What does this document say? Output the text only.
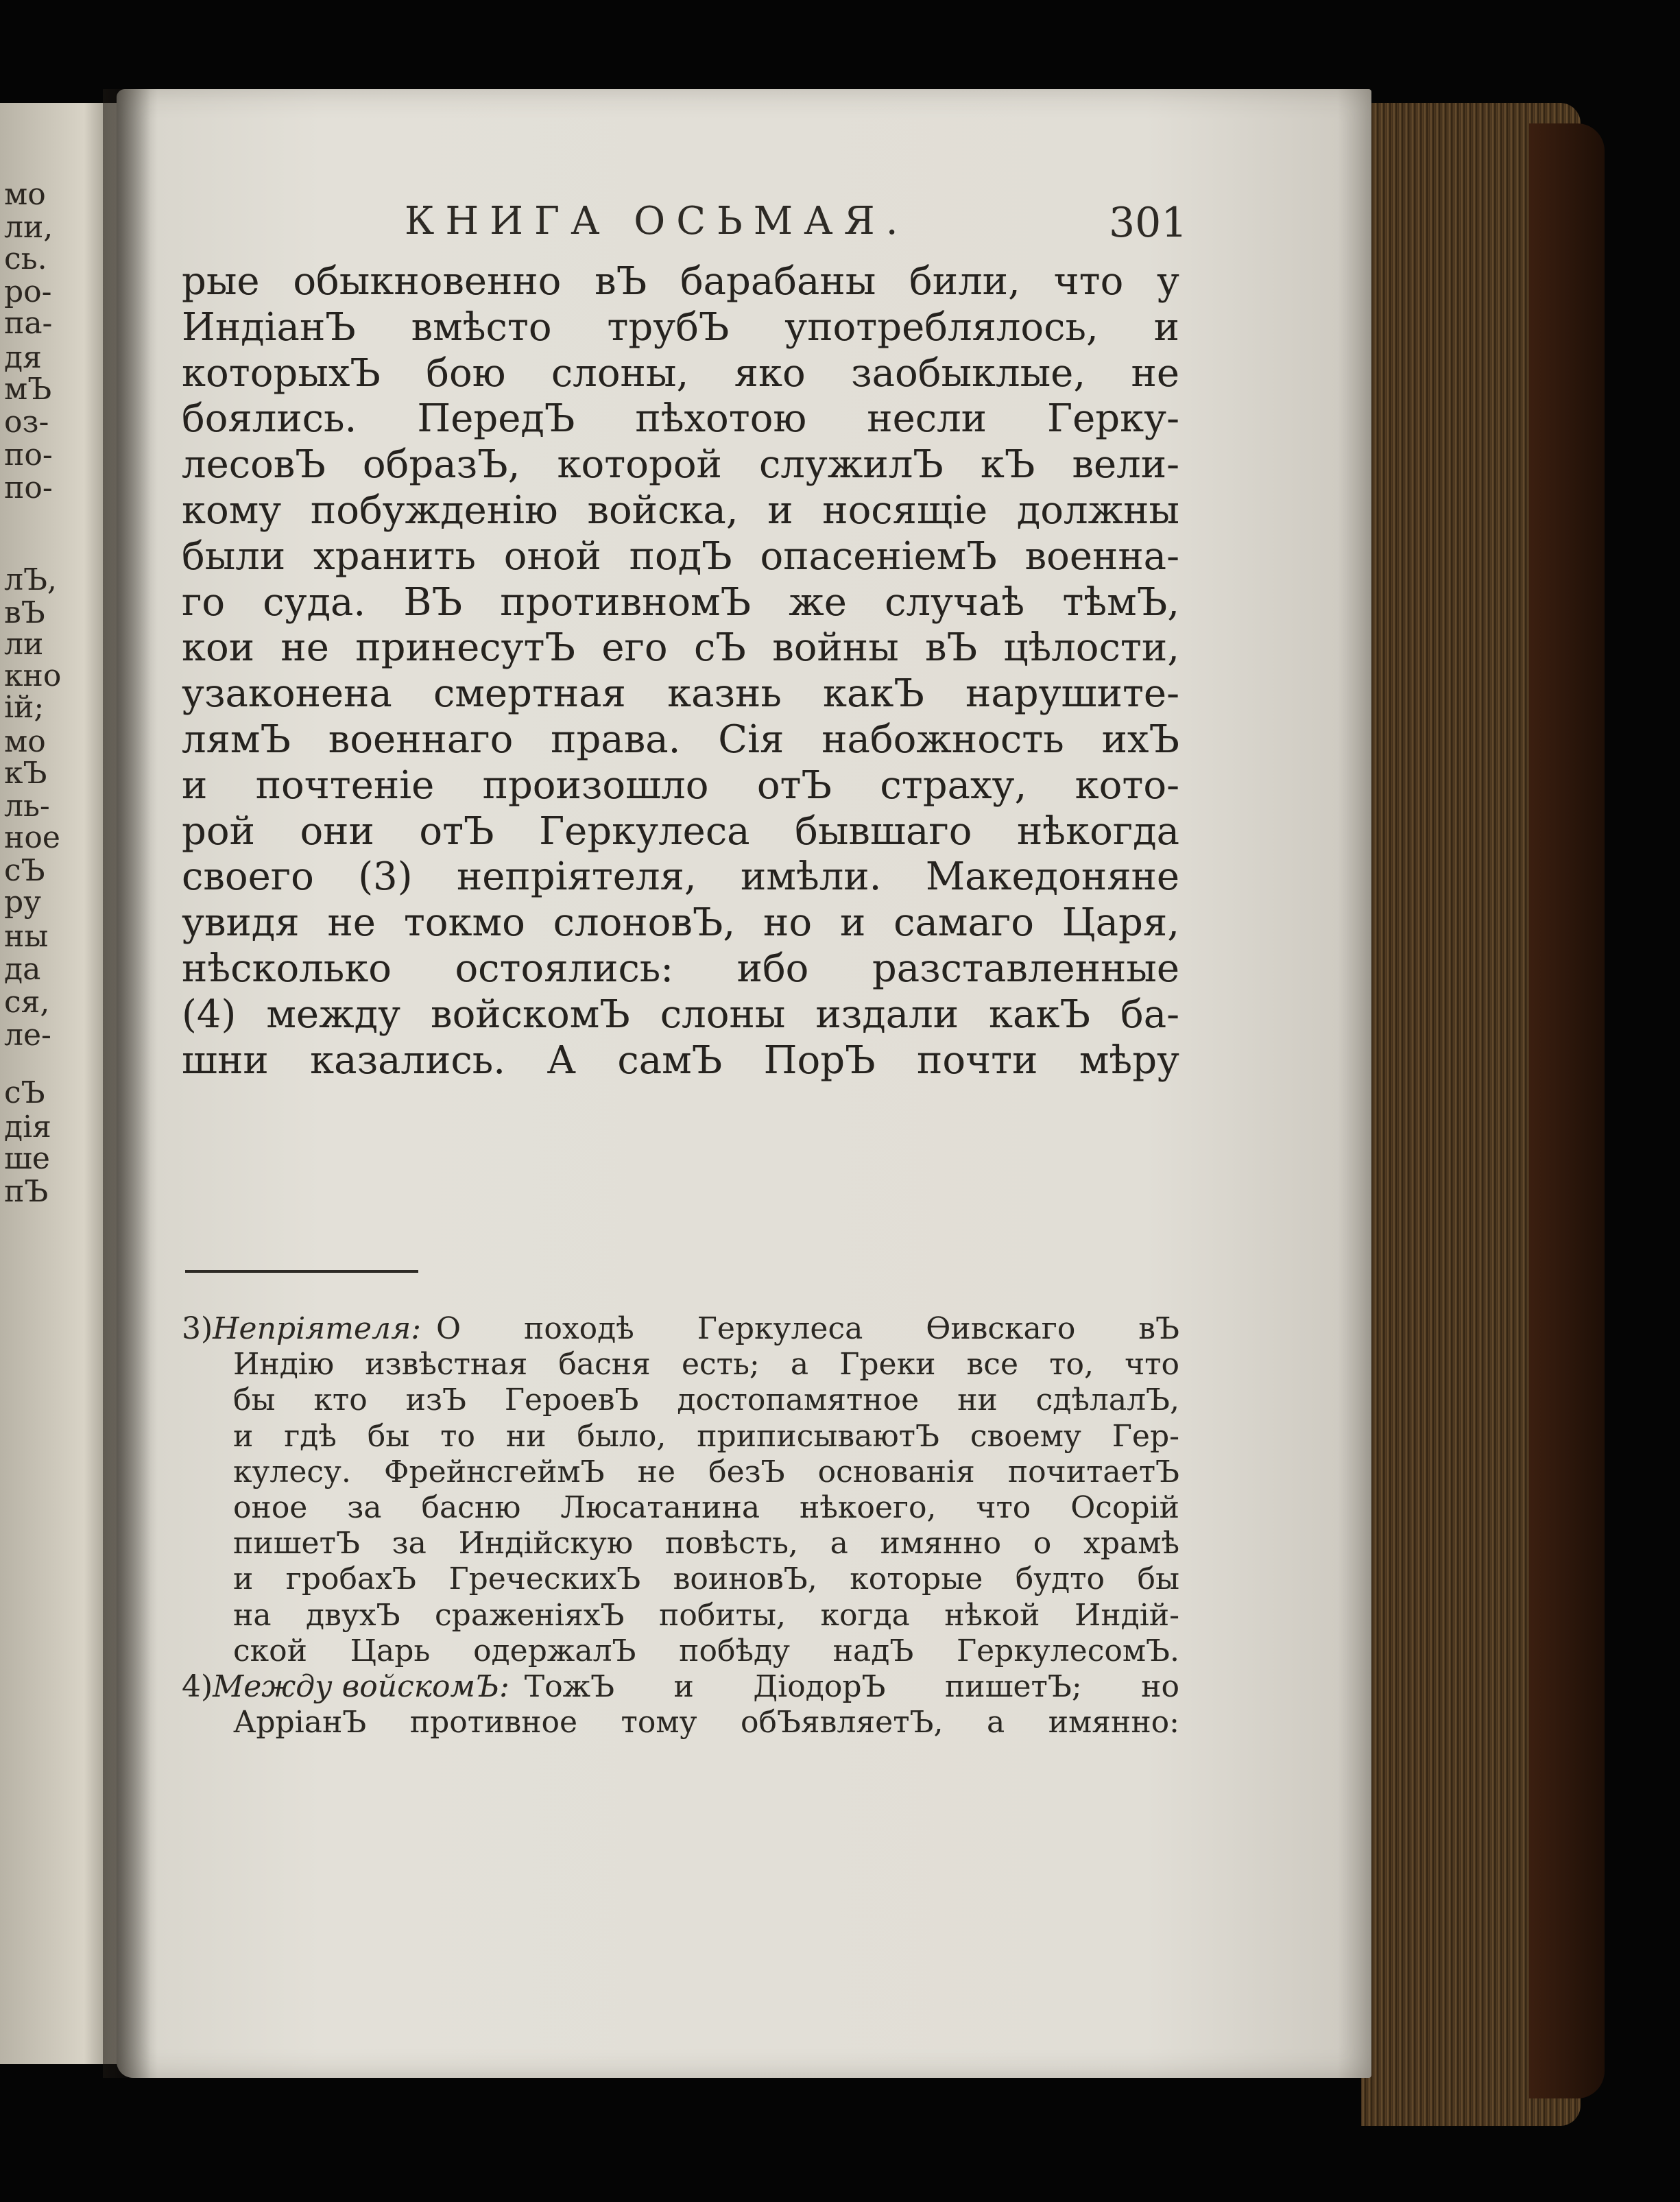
мо
ли,
сь.
ро-
па-
дя
мЪ
оз-
по-
по-
лЪ,
вЪ
ли
кно
ій;
мо
кЪ
ль-
ное
сЪ
ру
ны
да
ся,
ле-
сЪ
дія
ше
пЪ
КНИГА ОСЬМАЯ.	301
рые обыкновенно вЪ барабаны били, что у
ИндіанЪ вмѣсто трубЪ употреблялось, и
которыхЪ бою слоны, яко заобыклые, не
боялись. ПередЪ пѣхотою несли Герку-
лесовЪ образЪ, которой служилЪ кЪ вели-
кому побужденію войска, и носящіе должны
были хранить оной подЪ опасеніемЪ военна-
го суда. ВЪ противномЪ же случаѣ тѣмЪ,
кои не принесутЪ его сЪ войны вЪ цѣлости,
узаконена смертная казнь какЪ нарушите-
лямЪ военнаго права. Сія набожность ихЪ
и почтеніе произошло отЪ страху, кото-
рой они отЪ Геркулеса бывшаго нѣкогда
своего (3) непріятеля, имѣли. Македоняне
увидя не токмо слоновЪ, но и самаго Царя,
нѣсколько остоялись: ибо разставленные
(4) между войскомЪ слоны издали какЪ ба-
шни казались. А самЪ ПорЪ почти мѣру
3) Непріятеля: О походѣ Геркулеса Өивскаго вЪ
Индію извѣстная басня есть; а Греки все то, что
бы кто изЪ ГероевЪ достопамятное ни сдѣлалЪ,
и гдѣ бы то ни было, приписываютЪ своему Гер-
кулесу. ФрейнсгеймЪ не безЪ основанія почитаетЪ
оное за басню Люсатанина нѣкоего, что Осорій
пишетЪ за Индійскую повѣсть, а имянно о храмѣ
и гробахЪ ГреческихЪ воиновЪ, которые будто бы
на двухЪ сраженіяхЪ побиты, когда нѣкой Индій-
ской Царь одержалЪ побѣду надЪ ГеркулесомЪ.
4) Между войскомЪ: ТожЪ и ДіодорЪ пишетЪ; но
АрріанЪ противное тому обЪявляетЪ, а имянно:
